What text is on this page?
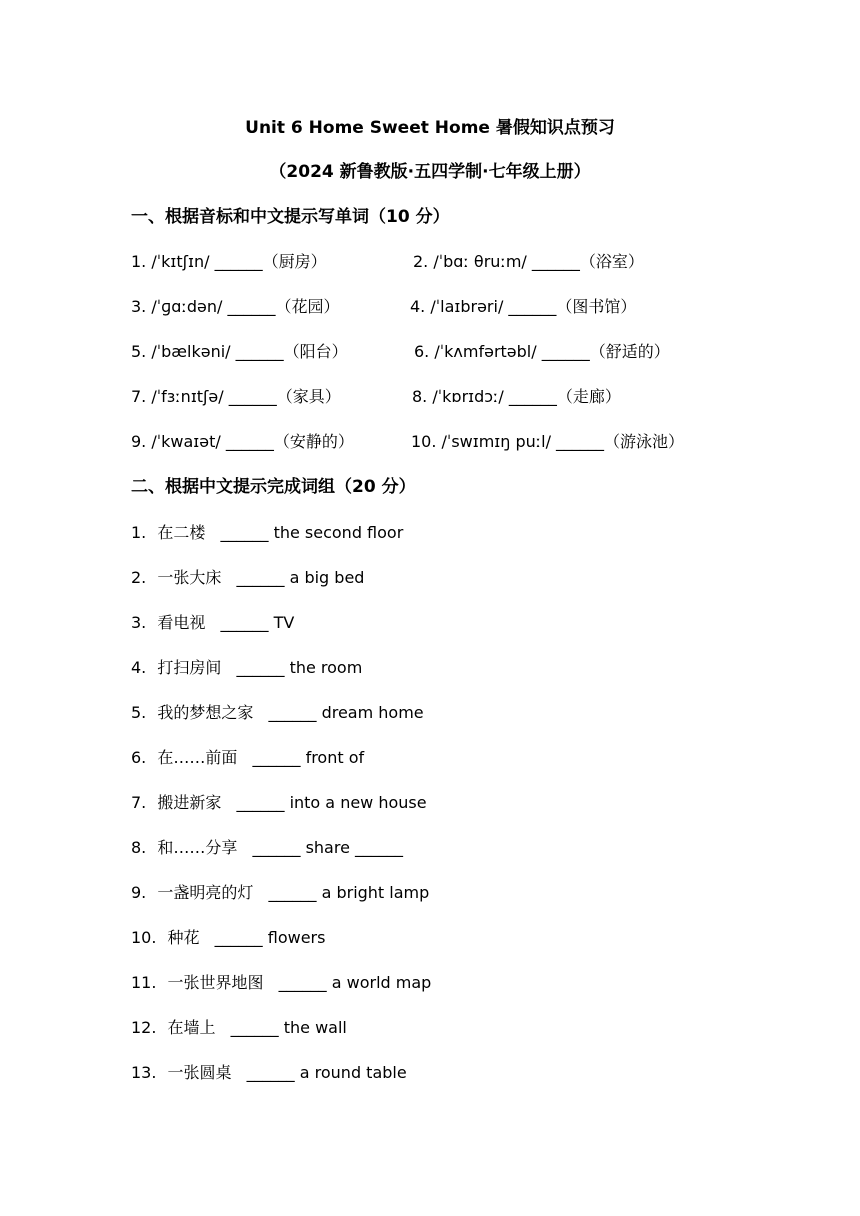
Unit 6 Home Sweet Home 暑假知识点预习
（2024 新鲁教版·五四学制·七年级上册）
一、根据音标和中文提示写单词（10 分）
1. /ˈkɪtʃɪn/ ______（厨房）	2. /ˈbɑː θruːm/ ______（浴室）
3. /ˈɡɑːdən/ ______（花园）	4. /ˈlaɪbrəri/ ______（图书馆）
5. /ˈbælkəni/ ______（阳台）	6. /ˈkʌmfərtəbl/ ______（舒适的）
7. /ˈfɜːnɪtʃə/ ______（家具）	8. /ˈkɒrɪdɔː/ ______（走廊）
9. /ˈkwaɪət/ ______（安静的）	10. /ˈswɪmɪŋ puːl/ ______（游泳池）
二、根据中文提示完成词组（20 分）
1. 在二楼 ______ the second floor
2. 一张大床 ______ a big bed
3. 看电视 ______ TV
4. 打扫房间 ______ the room
5. 我的梦想之家 ______ dream home
6. 在……前面 ______ front of
7. 搬进新家 ______ into a new house
8. 和……分享 ______ share ______
9. 一盏明亮的灯 ______ a bright lamp
10. 种花 ______ flowers
11. 一张世界地图 ______ a world map
12. 在墙上 ______ the wall
13. 一张圆桌 ______ a round table
